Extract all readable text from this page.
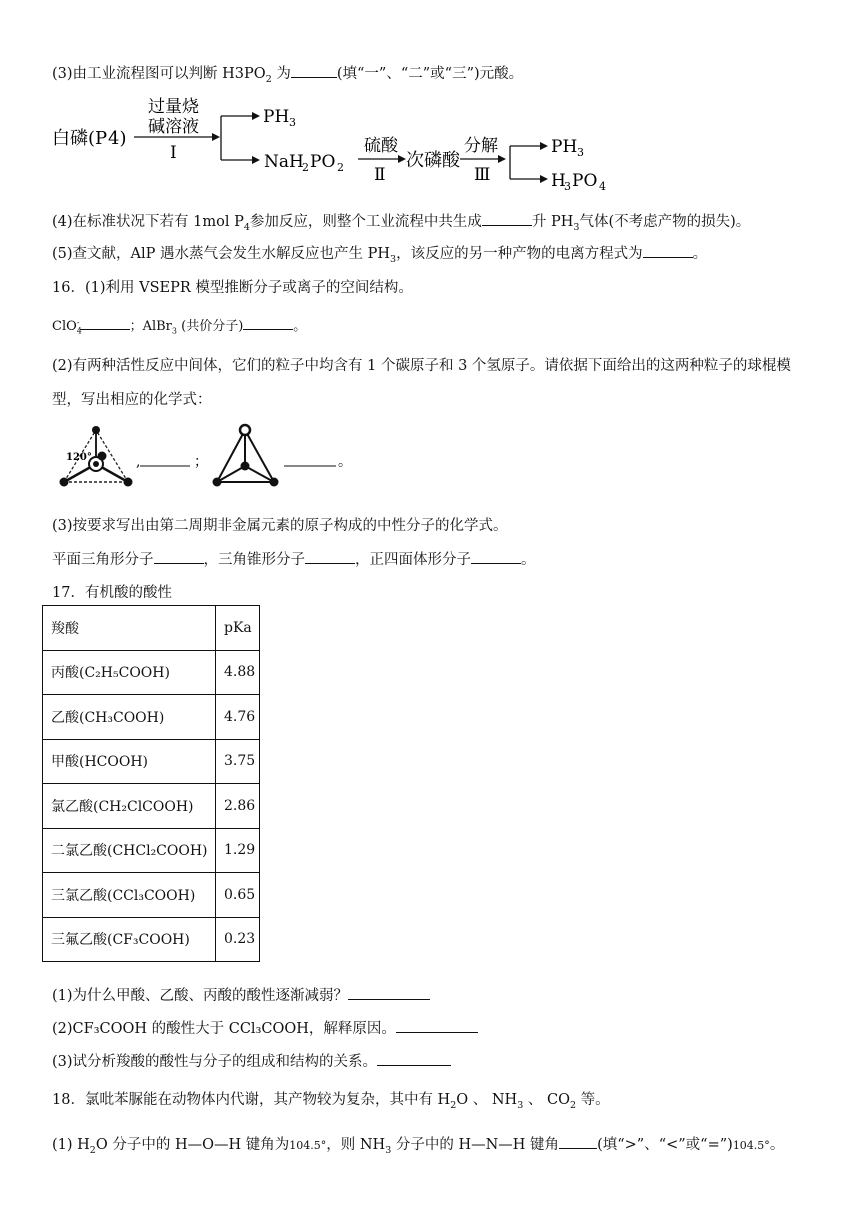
(3)由工业流程图可以判断 $H3PO_2$ 为	(填“一”、“二”或“三”)元酸。
白磷(P 4)
过量烧
碱溶液
Ⅰ
PH 3
NaH
2 PO 2
硫酸
Ⅱ
次磷酸
分解
Ⅲ
PH 3
H
3 PO 4
(4)在标准状况下若有 1mol $P_4$参加反应，则整个工业流程中共生成	升 $PH_3$气体(不考虑产物的损失)。
(5)查文献，AlP 遇水蒸气会发生水解反应也产生 $PH_3$，该反应的另一种产物的电离方程式为	。
16．(1)利用 VSEPR 模型推断分子或离子的空间结构。
ClO$_4$-	；AlBr$_3$ (共价分子)	。
(2)有两种活性反应中间体，它们的粒子中均含有 1 个碳原子和 3 个氢原子。请依据下面给出的这两种粒子的球棍模
型，写出相应的化学式：
120°	,	；	。
(3)按要求写出由第二周期非金属元素的原子构成的中性分子的化学式。
平面三角形分子	，三角锥形分子	，正四面体形分子	。
17．有机酸的酸性
羧酸	pKa
丙酸(C₂H₅COOH)	4.88
乙酸(CH₃COOH)	4.76
甲酸(HCOOH)	3.75
氯乙酸(CH₂ClCOOH)	2.86
二氯乙酸(CHCl₂COOH)	1.29
三氯乙酸(CCl₃COOH)	0.65
三氟乙酸(CF₃COOH)	0.23
(1)为什么甲酸、乙酸、丙酸的酸性逐渐减弱？
(2)CF₃COOH 的酸性大于 CCl₃COOH，解释原因。
(3)试分析羧酸的酸性与分子的组成和结构的关系。
18．氯吡苯脲能在动物体内代谢，其产物较为复杂，其中有 $H_2O$ 、 $NH_3$ 、 $CO_2$ 等。
(1) $H_2O$ 分子中的 H—O—H 键角为104.5°，则 $NH_3$ 分子中的 H—N—H 键角	(填“>”、“<”或“=”)104.5°。
